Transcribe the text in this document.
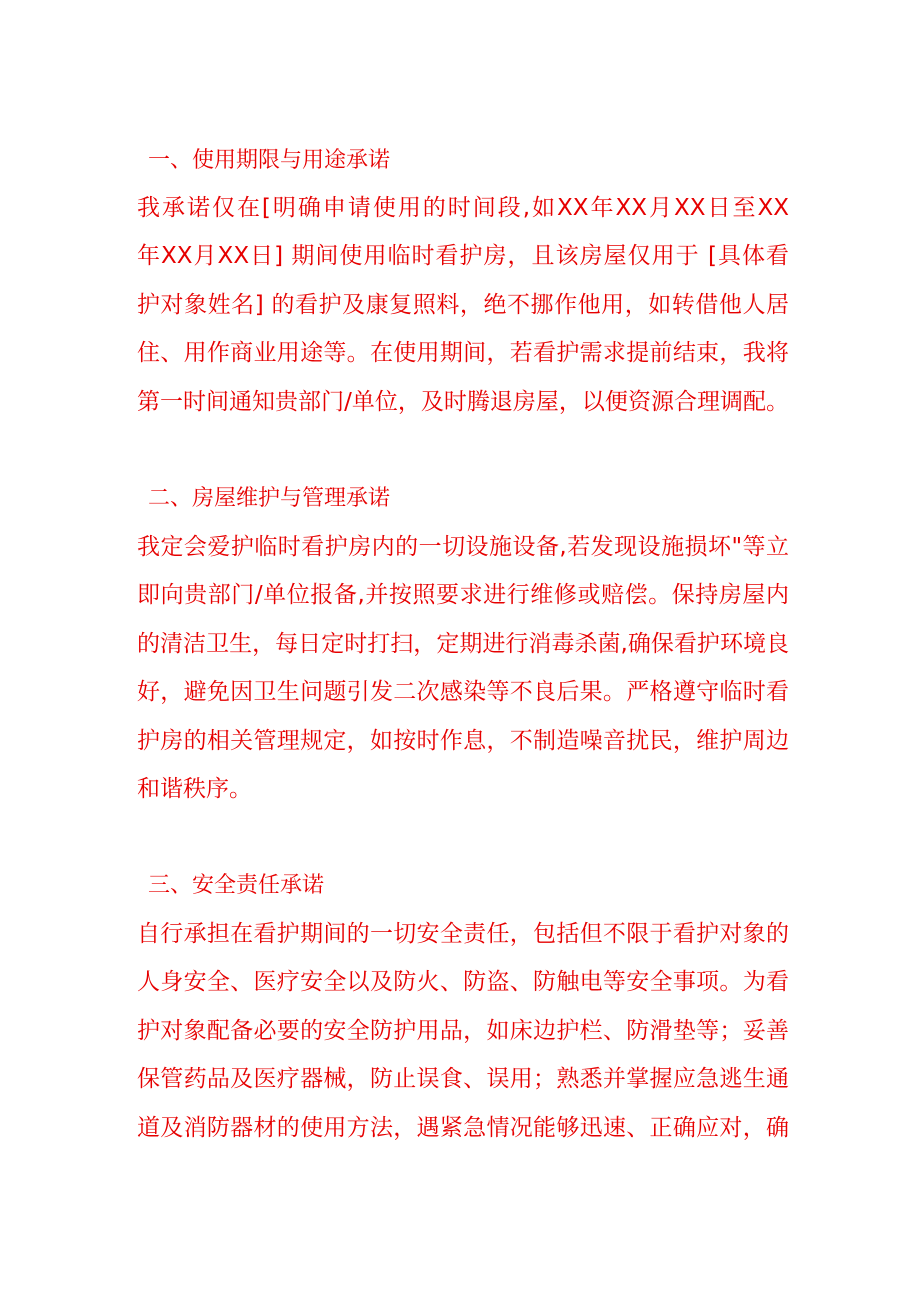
一、使用期限与用途承诺
我承诺仅在[明确申请使用的时间段,如XX年XX月XX日至XX
年XX月XX日] 期间使用临时看护房，且该房屋仅用于 [具体看
护对象姓名] 的看护及康复照料，绝不挪作他用，如转借他人居
住、用作商业用途等。在使用期间，若看护需求提前结束，我将
第一时间通知贵部门/单位，及时腾退房屋，以便资源合理调配。
二、房屋维护与管理承诺
我定会爱护临时看护房内的一切设施设备,若发现设施损坏"等立
即向贵部门/单位报备,并按照要求进行维修或赔偿。保持房屋内
的清洁卫生，每日定时打扫，定期进行消毒杀菌,确保看护环境良
好，避免因卫生问题引发二次感染等不良后果。严格遵守临时看
护房的相关管理规定，如按时作息，不制造噪音扰民，维护周边
和谐秩序。
三、安全责任承诺
自行承担在看护期间的一切安全责任，包括但不限于看护对象的
人身安全、医疗安全以及防火、防盗、防触电等安全事项。为看
护对象配备必要的安全防护用品，如床边护栏、防滑垫等；妥善
保管药品及医疗器械，防止误食、误用；熟悉并掌握应急逃生通
道及消防器材的使用方法，遇紧急情况能够迅速、正确应对，确
